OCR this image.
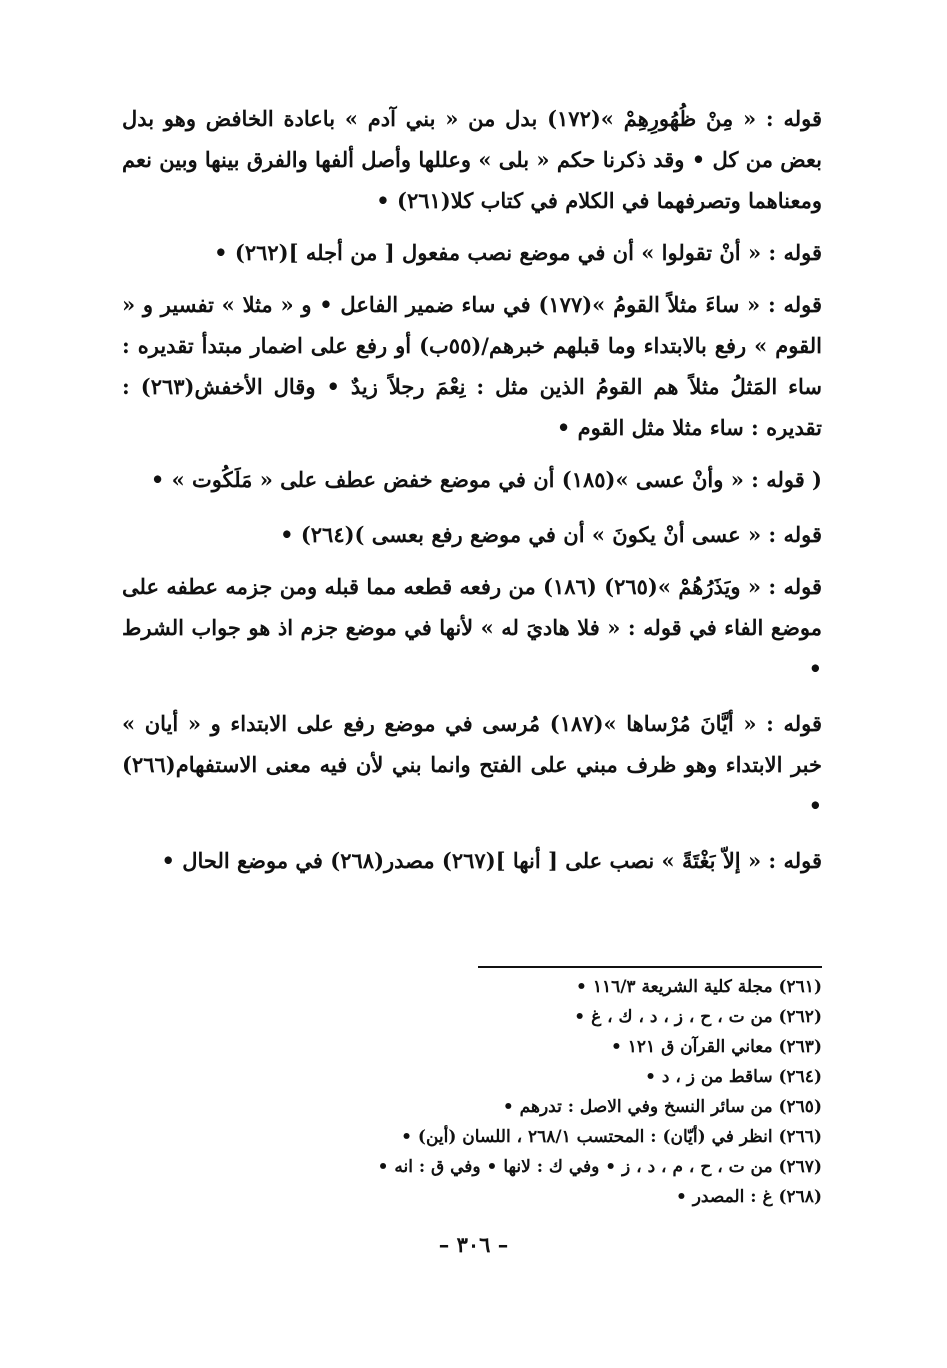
قوله : « مِنْ ظُهُورِهِمْ »(١٧٢) بدل من « بني آدم » باعادة الخافض وهو بدل بعض من كل • وقد ذكرنا حكم « بلى » وعللها وأصل ألفها والفرق بينها وبين نعم ومعناهما وتصرفهما في الكلام في كتاب كلا(٢٦١) •

قوله : « أنْ تقولوا » أن في موضع نصب مفعول [ من أجله ](٢٦٢) •

قوله : « ساءَ مثلاً القومُ »(١٧٧) في ساء ضمير الفاعل • و « مثلا » تفسير و « القوم » رفع بالابتداء وما قبلهم خبرهم/(٥٥ب) أو رفع على اضمار مبتدأ تقديره : ساء المَثلُ مثلاً هم القومُ الذين مثل : نِعْمَ رجلاً زيدٌ • وقال الأخفش(٢٦٣) : تقديره : ساء مثلا مثل القوم •

( قوله : « وأنْ عسى »(١٨٥) أن في موضع خفض عطف على « مَلَكُوت » •

قوله : « عسى أنْ يكونَ » أن في موضع رفع بعسى )(٢٦٤) •

قوله : « ويَذَرُهُمْ »(٢٦٥) (١٨٦) من رفعه قطعه مما قبله ومن جزمه عطفه على موضع الفاء في قوله : « فلا هاديَ له » لأنها في موضع جزم اذ هو جواب الشرط •

قوله : « أيَّانَ مُرْساها »(١٨٧) مُرسى في موضع رفع على الابتداء و « أيان » خبر الابتداء وهو ظرف مبني على الفتح وانما بني لأن فيه معنى الاستفهام(٢٦٦) •

قوله : « إلاّ بَغْتَةً » نصب على [ أنها ](٢٦٧) مصدر(٢٦٨) في موضع الحال •

(٢٦١) مجلة كلية الشريعة ١١٦/٣ •
(٢٦٢) من ت ، ح ، ز ، د ، ك ، غ •
(٢٦٣) معاني القرآن ق ١٢١ •
(٢٦٤) ساقط من ز ، د •
(٢٦٥) من سائر النسخ وفي الاصل : تدرهم •
(٢٦٦) انظر في (أيّان) : المحتسب ٢٦٨/١ ، اللسان (أين) •
(٢٦٧) من ت ، ح ، م ، د ، ز • وفي ك : لانها • وفي ق : انه •
(٢٦٨) غ : المصدر •
– ٣٠٦ –
